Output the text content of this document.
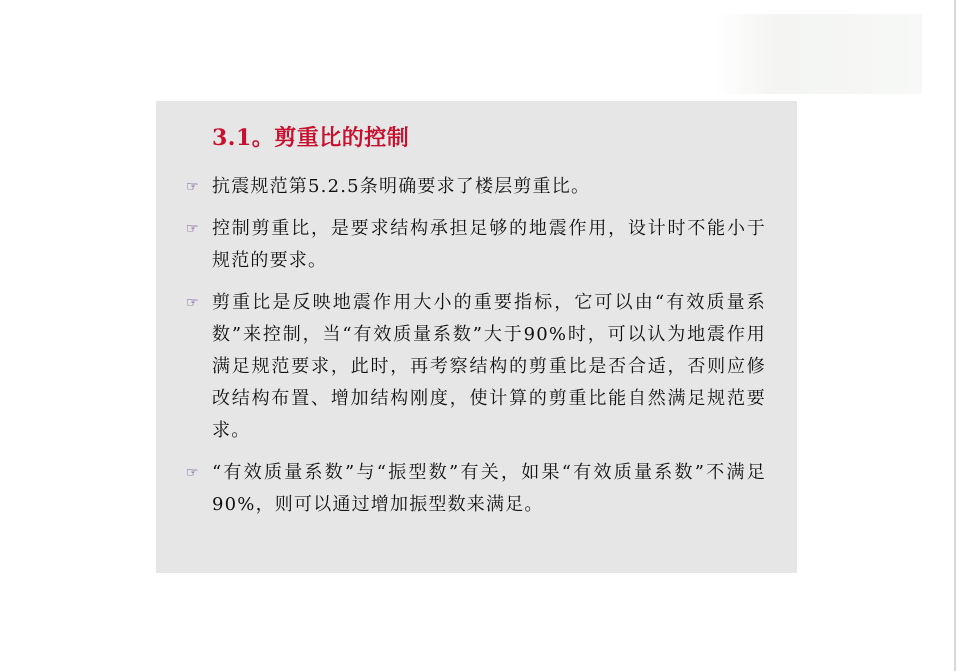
3.1。剪重比的控制
☞ 抗震规范第5.2.5条明确要求了楼层剪重比。
☞ 控制剪重比，是要求结构承担足够的地震作用，设计时不能小于规范的要求。
☞ 剪重比是反映地震作用大小的重要指标，它可以由“有效质量系数”来控制，当“有效质量系数”大于90%时，可以认为地震作用满足规范要求，此时，再考察结构的剪重比是否合适，否则应修改结构布置、增加结构刚度，使计算的剪重比能自然满足规范要求。
☞ “有效质量系数”与“振型数”有关，如果“有效质量系数”不满足90%，则可以通过增加振型数来满足。
